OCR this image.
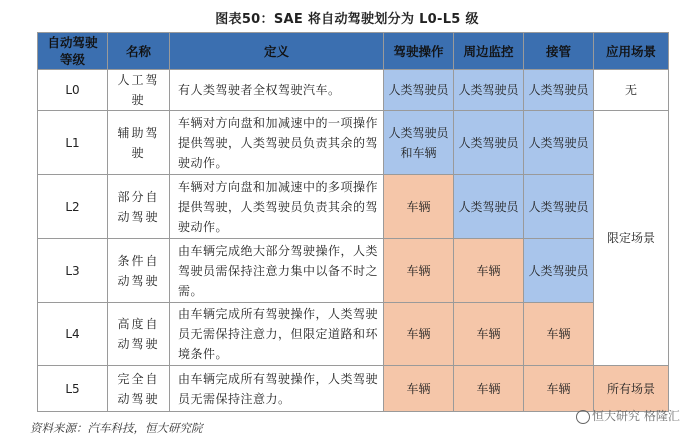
图表50：SAE 将自动驾驶划分为 L0-L5 级
自动驾驶等级	名称	定义	驾驶操作	周边监控	接管	应用场景
L0	人工驾驶	有人类驾驶者全权驾驶汽车。	人类驾驶员	人类驾驶员	人类驾驶员	无
L1	辅助驾驶	车辆对方向盘和加减速中的一项操作提供驾驶，人类驾驶员负责其余的驾驶动作。	人类驾驶员和车辆	人类驾驶员	人类驾驶员	限定场景
L2	部分自动驾驶	车辆对方向盘和加减速中的多项操作提供驾驶，人类驾驶员负责其余的驾驶动作。	车辆	人类驾驶员	人类驾驶员	
L3	条件自动驾驶	由车辆完成绝大部分驾驶操作，人类驾驶员需保持注意力集中以备不时之需。	车辆	车辆	人类驾驶员	
L4	高度自动驾驶	由车辆完成所有驾驶操作，人类驾驶员无需保持注意力，但限定道路和环境条件。	车辆	车辆	车辆	
L5	完全自动驾驶	由车辆完成所有驾驶操作，人类驾驶员无需保持注意力。	车辆	车辆	车辆	所有场景
资料来源：汽车科技，恒大研究院
恒大研究 格隆汇
